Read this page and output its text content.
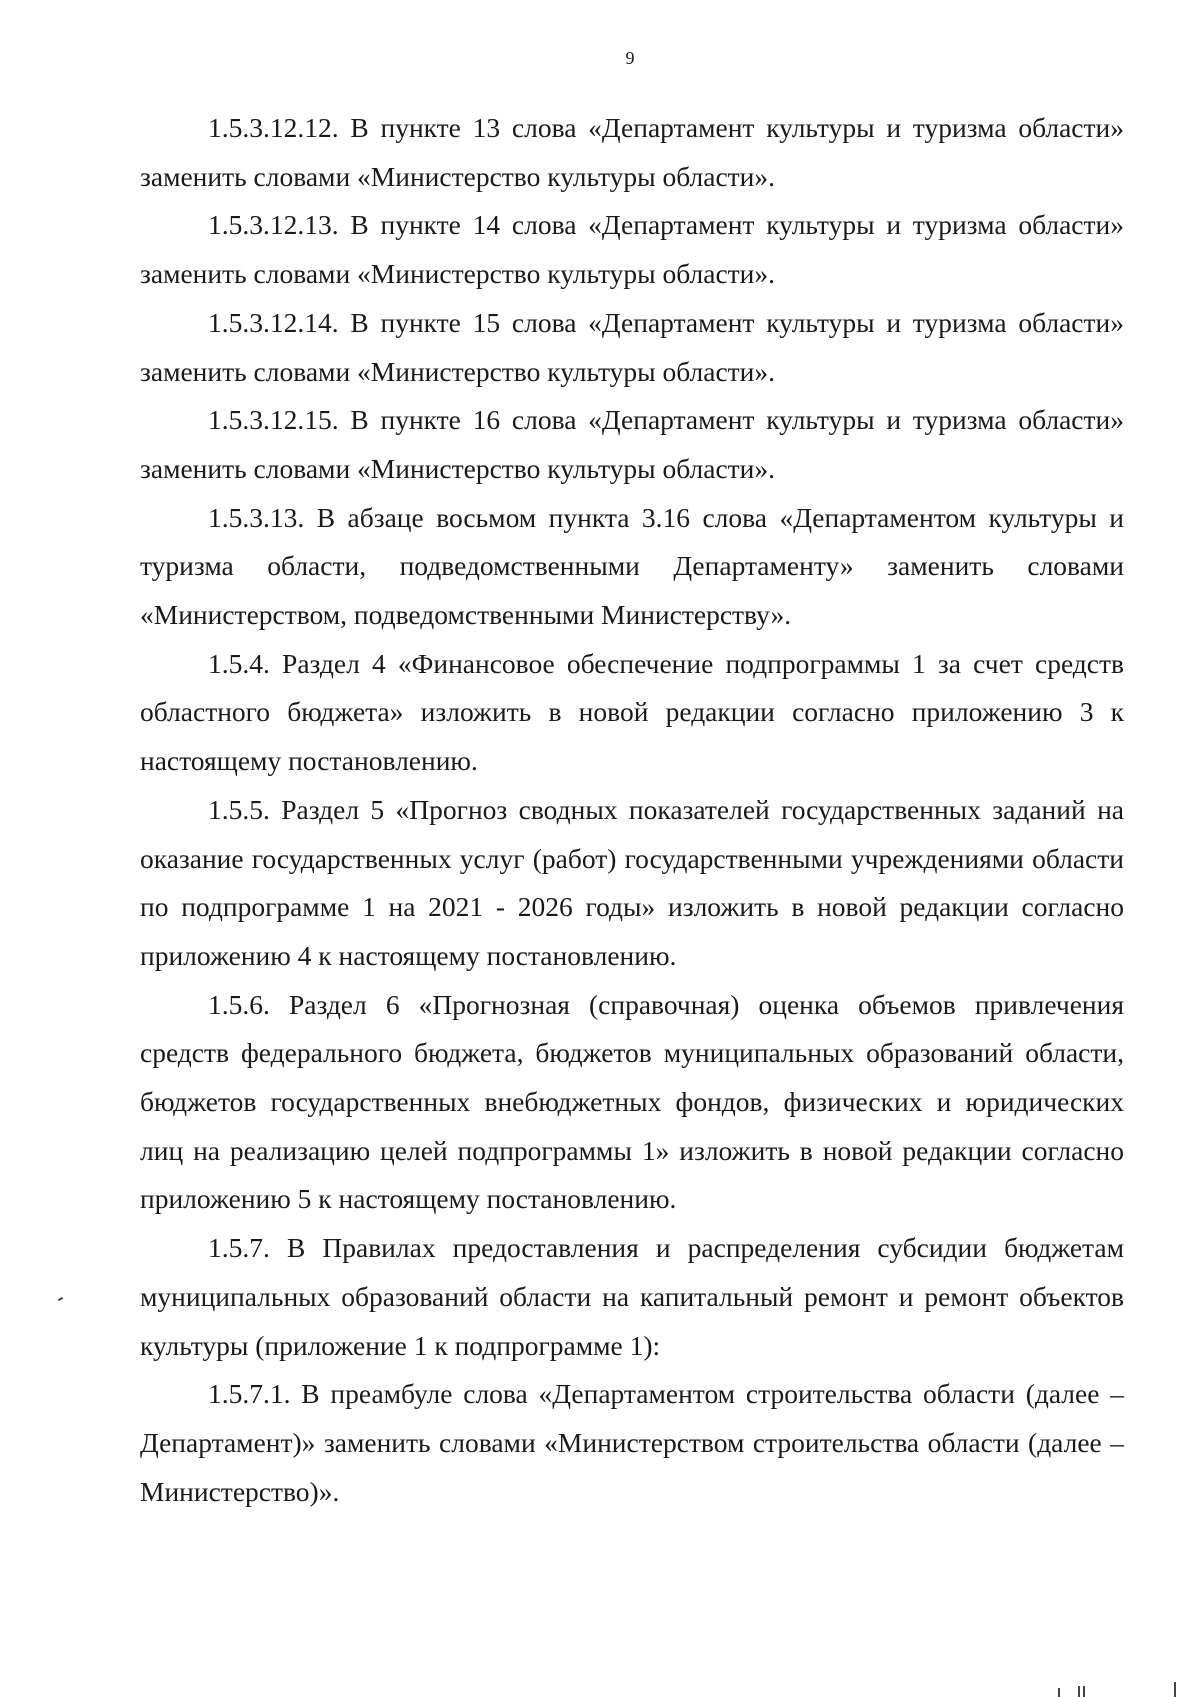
9

1.5.3.12.12. В пункте 13 слова «Департамент культуры и туризма области» заменить словами «Министерство культуры области».

1.5.3.12.13. В пункте 14 слова «Департамент культуры и туризма области» заменить словами «Министерство культуры области».

1.5.3.12.14. В пункте 15 слова «Департамент культуры и туризма области» заменить словами «Министерство культуры области».

1.5.3.12.15. В пункте 16 слова «Департамент культуры и туризма области» заменить словами «Министерство культуры области».

1.5.3.13. В абзаце восьмом пункта 3.16 слова «Департаментом культуры и туризма области, подведомственными Департаменту» заменить словами «Министерством, подведомственными Министерству».

1.5.4. Раздел 4 «Финансовое обеспечение подпрограммы 1 за счет средств областного бюджета» изложить в новой редакции согласно приложению 3 к настоящему постановлению.

1.5.5. Раздел 5 «Прогноз сводных показателей государственных заданий на оказание государственных услуг (работ) государственными учреждениями области по подпрограмме 1 на 2021 - 2026 годы» изложить в новой редакции согласно приложению 4 к настоящему постановлению.

1.5.6. Раздел 6 «Прогнозная (справочная) оценка объемов привлечения средств федерального бюджета, бюджетов муниципальных образований области, бюджетов государственных внебюджетных фондов, физических и юридических лиц на реализацию целей подпрограммы 1» изложить в новой редакции согласно приложению 5 к настоящему постановлению.

1.5.7. В Правилах предоставления и распределения субсидии бюджетам муниципальных образований области на капитальный ремонт и ремонт объектов культуры (приложение 1 к подпрограмме 1):

1.5.7.1. В преамбуле слова «Департаментом строительства области (далее – Департамент)» заменить словами «Министерством строительства области (далее – Министерство)».
